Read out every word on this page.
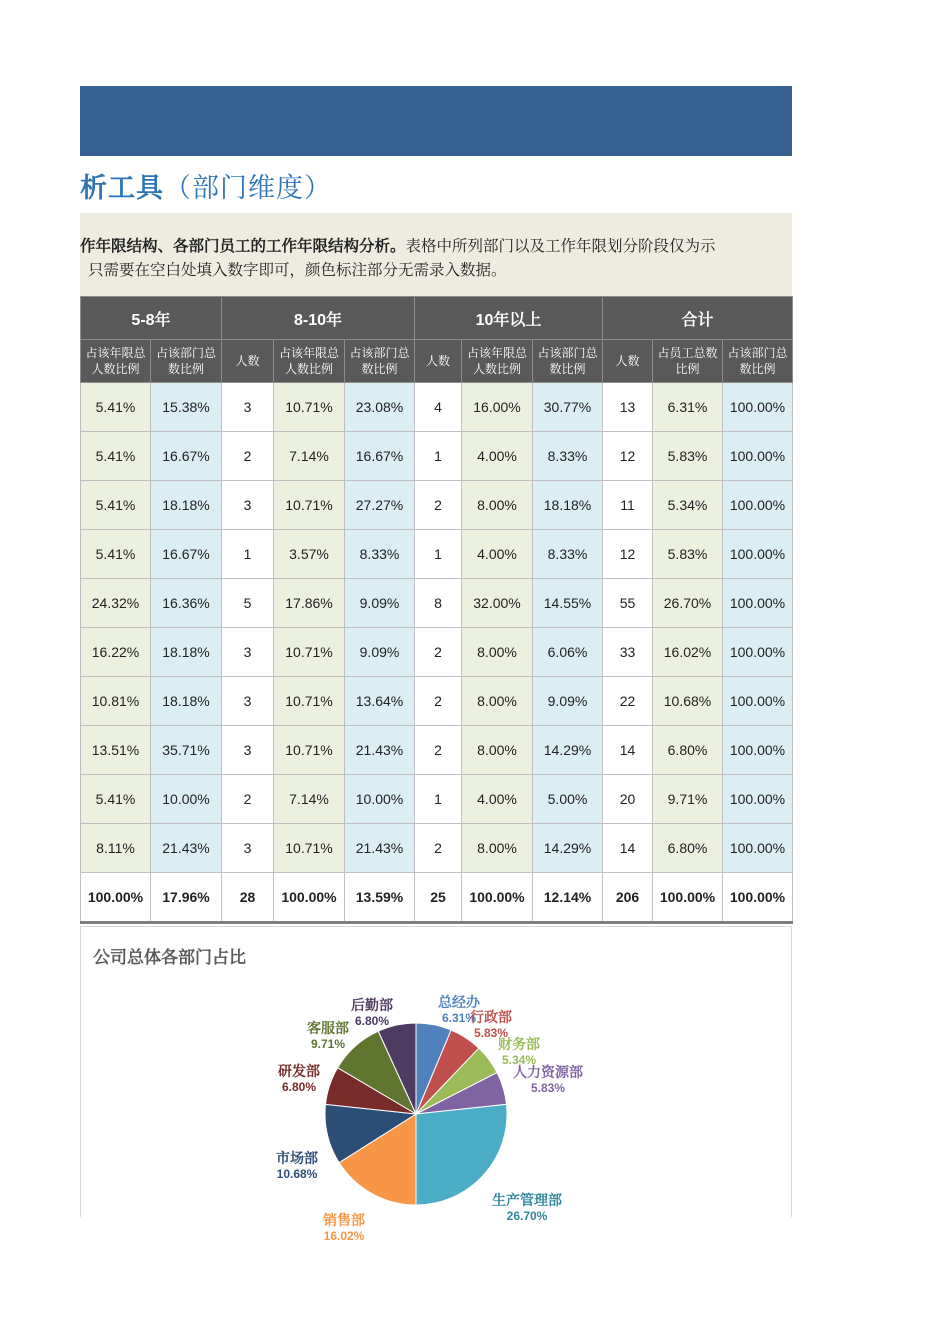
析工具（部门维度）
作年限结构、各部门员工的工作年限结构分析。表格中所列部门以及工作年限划分阶段仅为示
只需要在空白处填入数字即可，颜色标注部分无需录入数据。
5-8年		8-10年			10年以上			合计		
占该年限总人数比例	占该部门总数比例	人数	占该年限总人数比例	占该部门总数比例	人数	占该年限总人数比例	占该部门总数比例	人数	占员工总数比例	占该部门总数比例
5.41%	15.38%	3	10.71%	23.08%	4	16.00%	30.77%	13	6.31%	100.00%
5.41%	16.67%	2	7.14%	16.67%	1	4.00%	8.33%	12	5.83%	100.00%
5.41%	18.18%	3	10.71%	27.27%	2	8.00%	18.18%	11	5.34%	100.00%
5.41%	16.67%	1	3.57%	8.33%	1	4.00%	8.33%	12	5.83%	100.00%
24.32%	16.36%	5	17.86%	9.09%	8	32.00%	14.55%	55	26.70%	100.00%
16.22%	18.18%	3	10.71%	9.09%	2	8.00%	6.06%	33	16.02%	100.00%
10.81%	18.18%	3	10.71%	13.64%	2	8.00%	9.09%	22	10.68%	100.00%
13.51%	35.71%	3	10.71%	21.43%	2	8.00%	14.29%	14	6.80%	100.00%
5.41%	10.00%	2	7.14%	10.00%	1	4.00%	5.00%	20	9.71%	100.00%
8.11%	21.43%	3	10.71%	21.43%	2	8.00%	14.29%	14	6.80%	100.00%
100.00%	17.96%	28	100.00%	13.59%	25	100.00%	12.14%	206	100.00%	100.00%
总经办
6.31%
行政部
5.83%
财务部
5.34%
人力资源部
5.83%
生产管理部
26.70%
销售部
16.02%
市场部
10.68%
研发部
6.80%
客服部
9.71%
后勤部
6.80%
公司总体各部门占比
